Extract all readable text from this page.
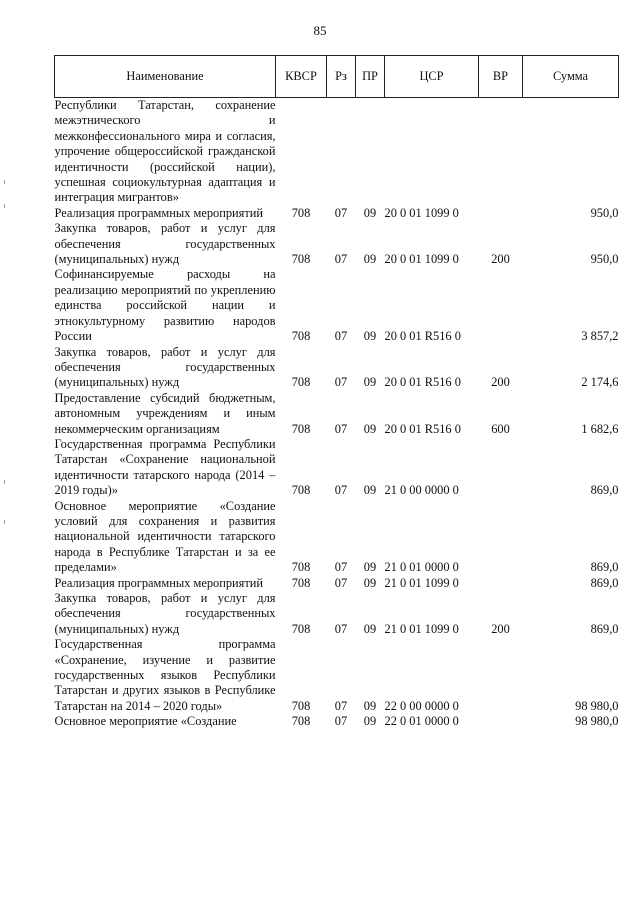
85
Наименование	КВСР	Рз	ПР	ЦСР	ВР	Сумма
Республики Татарстан, сохранение межэтнического и межконфессионального мира и согласия, упрочение общероссийской гражданской идентичности (российской нации), успешная социокультурная адаптация и интеграция мигрантов»						
Реализация программных мероприятий	708	07	09	20 0 01 1099 0		950,0
Закупка товаров, работ и услуг для обеспечения государственных (муниципальных) нужд	708	07	09	20 0 01 1099 0	200	950,0
Софинансируемые расходы на реализацию мероприятий по укреплению единства российской нации и этнокультурному развитию народов России	708	07	09	20 0 01 R516 0		3 857,2
Закупка товаров, работ и услуг для обеспечения государственных (муниципальных) нужд	708	07	09	20 0 01 R516 0	200	2 174,6
Предоставление субсидий бюджетным, автономным учреждениям и иным некоммерческим организациям	708	07	09	20 0 01 R516 0	600	1 682,6
Государственная программа Республики Татарстан «Сохранение национальной идентичности татарского народа (2014 – 2019 годы)»	708	07	09	21 0 00 0000 0		869,0
Основное мероприятие «Создание условий для сохранения и развития национальной идентичности татарского народа в Республике Татарстан и за ее пределами»	708	07	09	21 0 01 0000 0		869,0
Реализация программных мероприятий	708	07	09	21 0 01 1099 0		869,0
Закупка товаров, работ и услуг для обеспечения государственных (муниципальных) нужд	708	07	09	21 0 01 1099 0	200	869,0
Государственная программа «Сохранение, изучение и развитие государственных языков Республики Татарстан и других языков в Республике Татарстан на 2014 – 2020 годы»	708	07	09	22 0 00 0000 0		98 980,0
Основное мероприятие «Создание	708	07	09	22 0 01 0000 0		98 980,0
